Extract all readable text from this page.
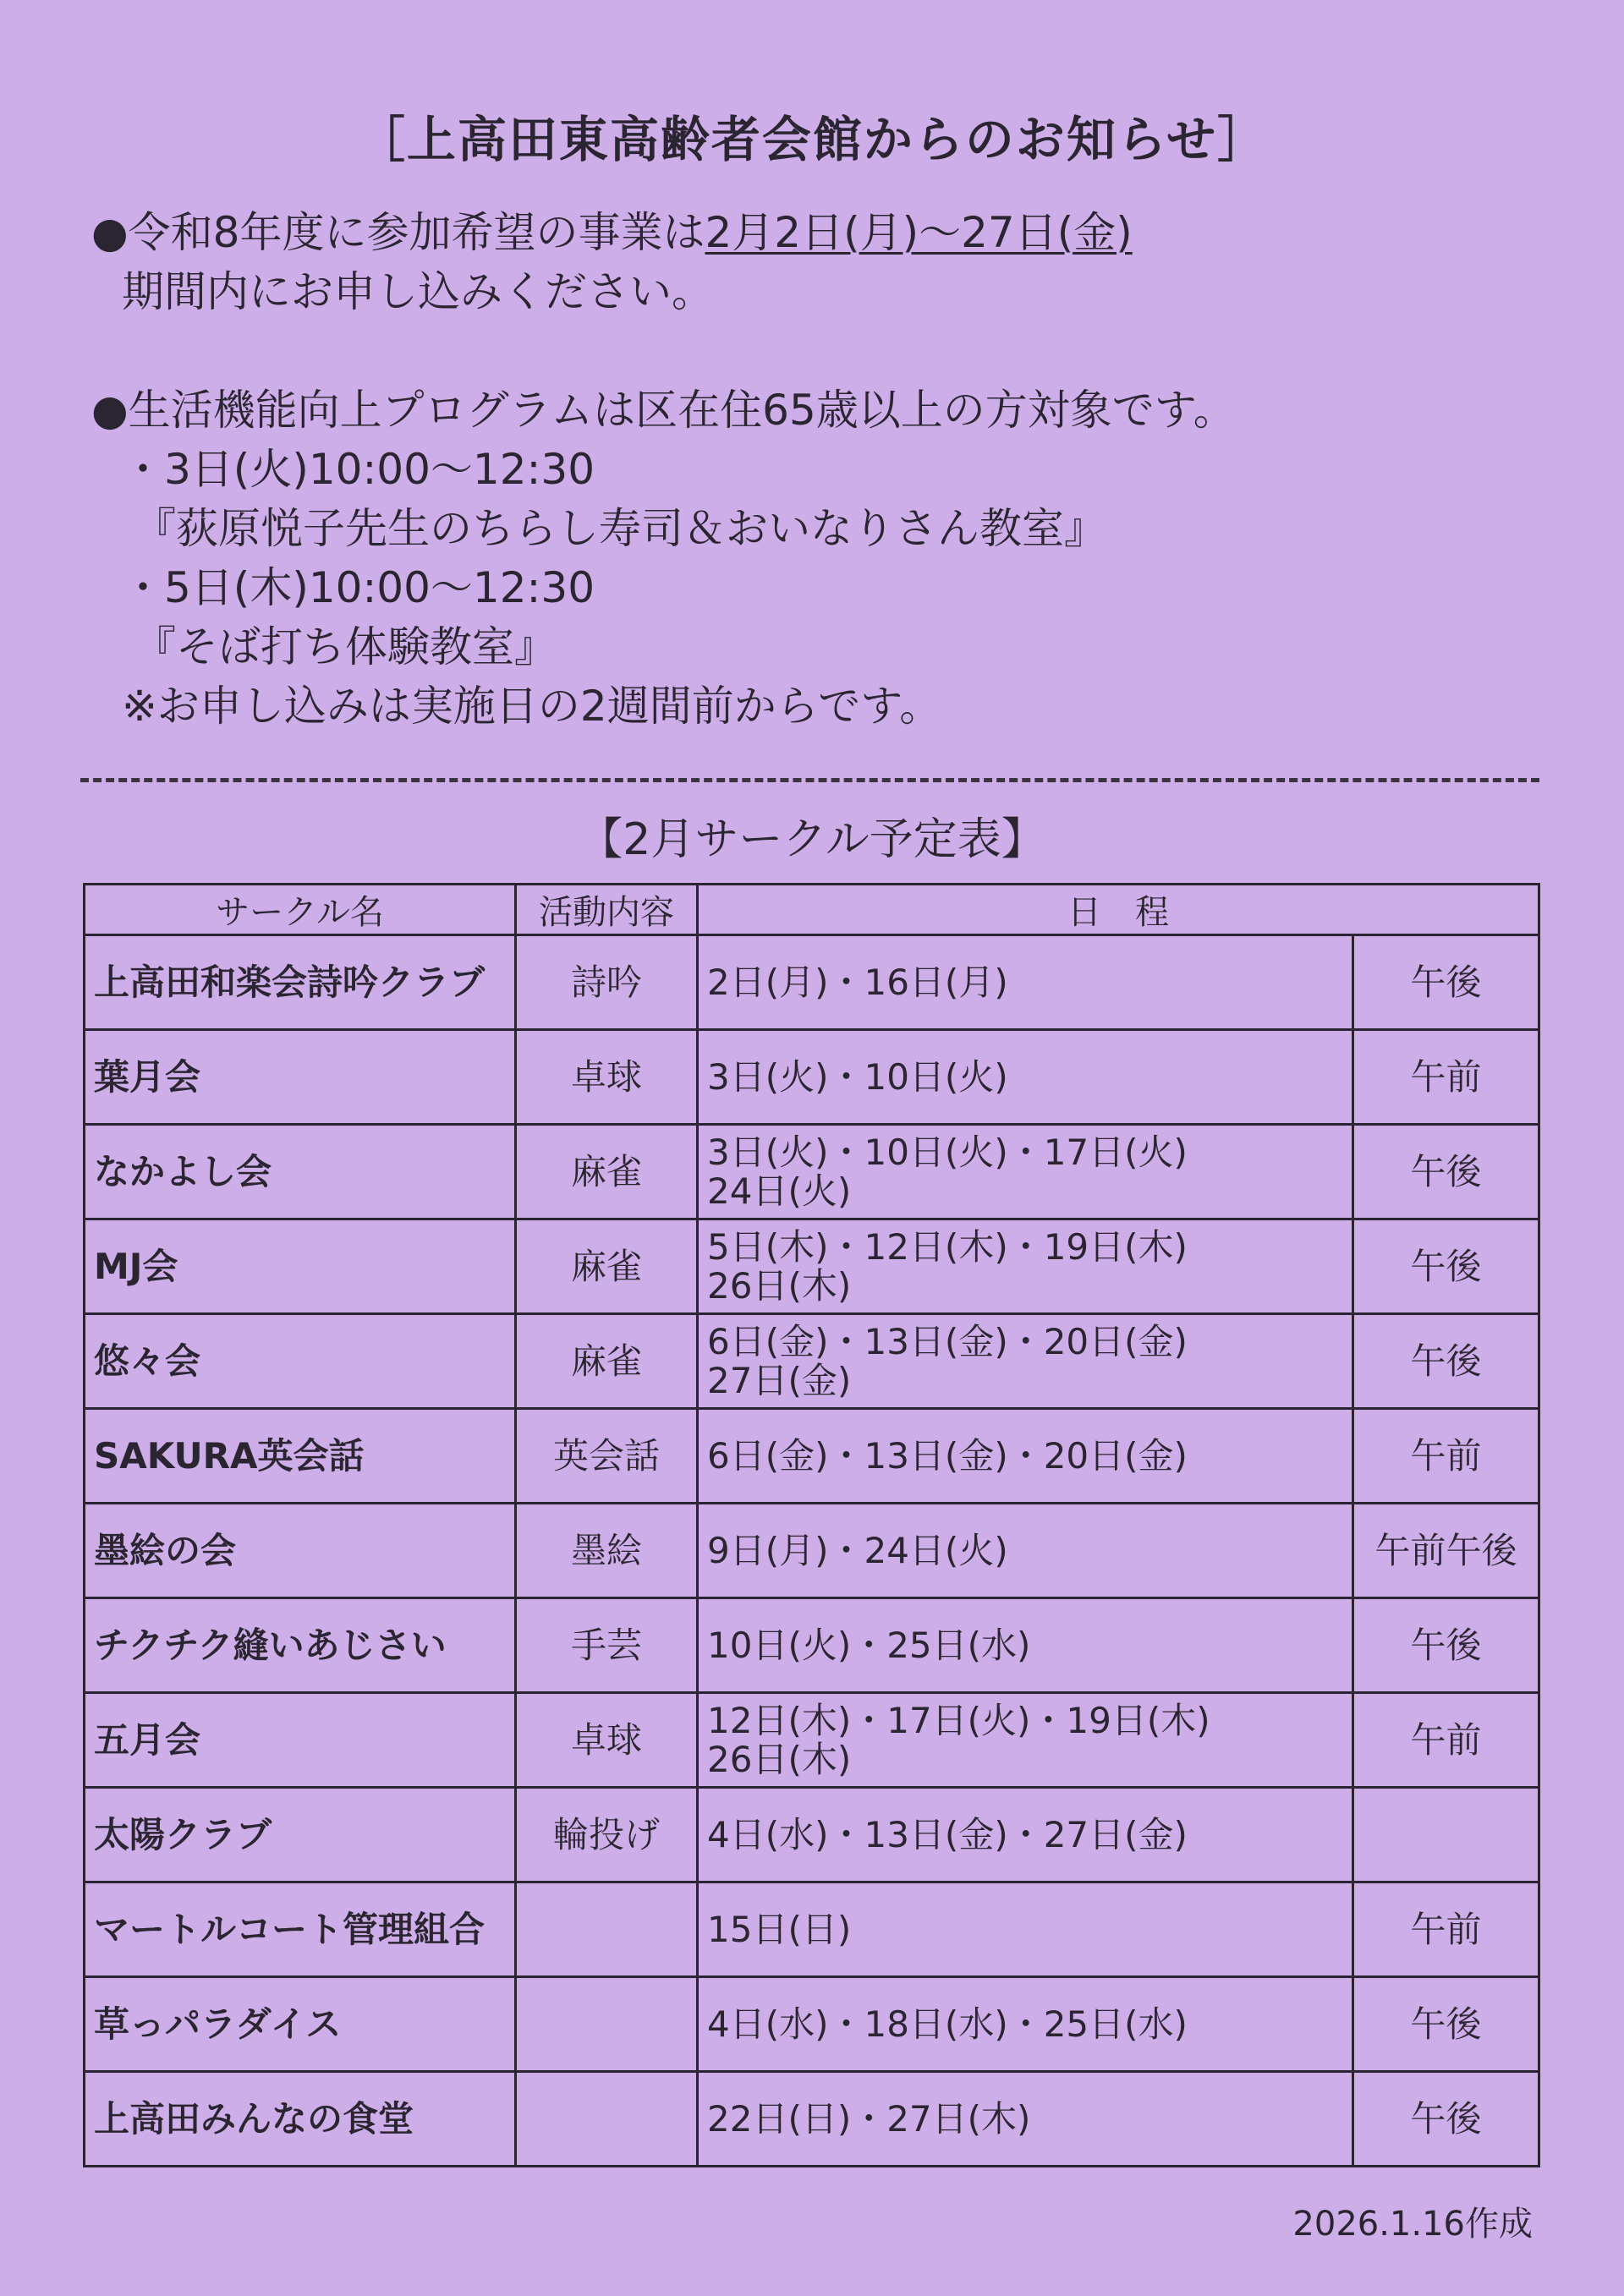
［上高田東高齢者会館からのお知らせ］
●令和8年度に参加希望の事業は2月2日(月)～27日(金)
期間内にお申し込みください。
●生活機能向上プログラムは区在住65歳以上の方対象です。
・3日(火)10:00～12:30
『荻原悦子先生のちらし寿司＆おいなりさん教室』
・5日(木)10:00～12:30
『そば打ち体験教室』
※お申し込みは実施日の2週間前からです。
【2月サークル予定表】
サークル名	活動内容	日　程	
上高田和楽会詩吟クラブ	詩吟	2日(月)・16日(月)	午後
葉月会	卓球	3日(火)・10日(火)	午前
なかよし会	麻雀	3日(火)・10日(火)・17日(火)
24日(火)	午後
MJ会	麻雀	5日(木)・12日(木)・19日(木)
26日(木)	午後
悠々会	麻雀	6日(金)・13日(金)・20日(金)
27日(金)	午後
SAKURA英会話	英会話	6日(金)・13日(金)・20日(金)	午前
墨絵の会	墨絵	9日(月)・24日(火)	午前午後
チクチク縫いあじさい	手芸	10日(火)・25日(水)	午後
五月会	卓球	12日(木)・17日(火)・19日(木)
26日(木)	午前
太陽クラブ	輪投げ	4日(水)・13日(金)・27日(金)	

マートルコート管理組合		15日(日)	午前
草っパラダイス		4日(水)・18日(水)・25日(水)	午後
上高田みんなの食堂		22日(日)・27日(木)	午後
2026.1.16作成
